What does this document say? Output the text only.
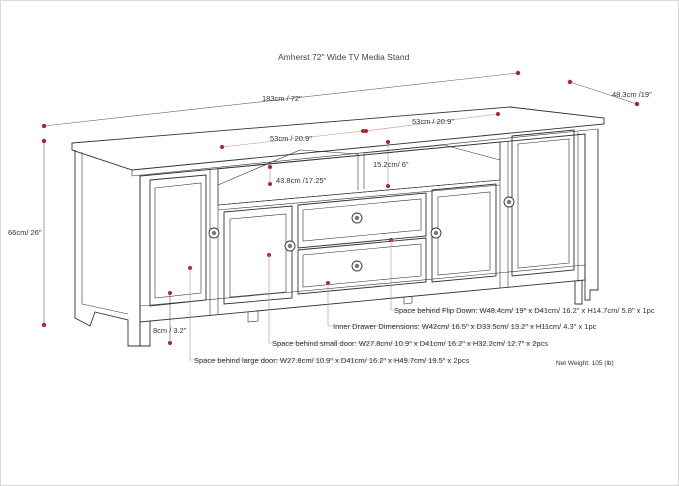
Amherst 72" Wide TV Media Stand
183cm / 72"	48.3cm /19"
66cm/ 26"
53cm / 20.9"
53cm / 20.9''
15.2cm/ 6"
43.8cm /17.25"
8cm / 3.2"
Space behind Flip Down: W48.4cm/ 19" x D41cm/ 16.2" x H14.7cm/ 5.8" x 1pc
Inner Drawer Dimensions: W42cm/ 16.5" x D33.5cm/ 13.2" x H11cm/ 4.3" x 1pc
Space behind small door: W27.8cm/ 10.9" x D41cm/ 16.2" x H32.2cm/ 12.7" x 2pcs
Space behind large door: W27.8cm/ 10.9" x D41cm/ 16.2" x H49.7cm/ 19.5" x 2pcs	Net Weight: 105 (lb)
